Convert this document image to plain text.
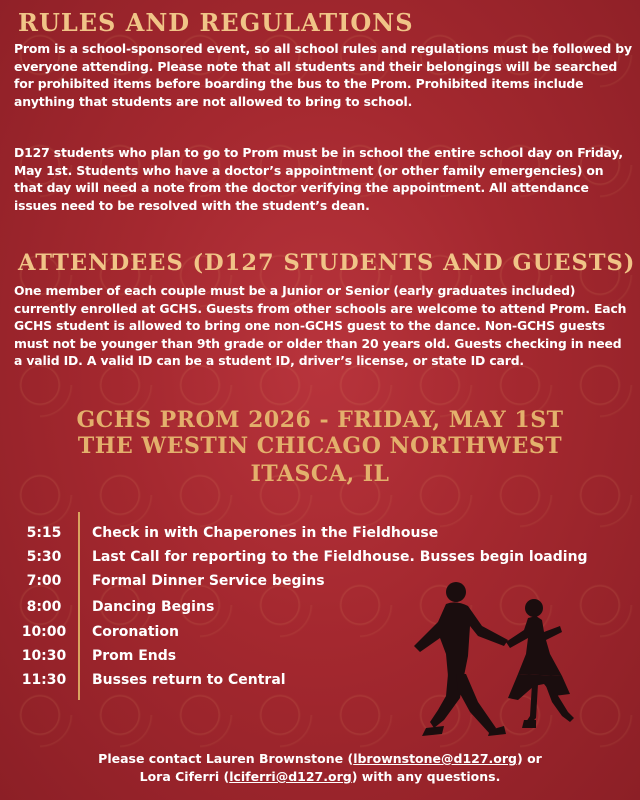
RULES AND REGULATIONS

Prom is a school-sponsored event, so all school rules and regulations must be followed by everyone attending. Please note that all students and their belongings will be searched for prohibited items before boarding the bus to the Prom. Prohibited items include anything that students are not allowed to bring to school.

D127 students who plan to go to Prom must be in school the entire school day on Friday, May 1st. Students who have a doctor’s appointment (or other family emergencies) on that day will need a note from the doctor verifying the appointment. All attendance issues need to be resolved with the student’s dean.

ATTENDEES (D127 STUDENTS AND GUESTS)

One member of each couple must be a Junior or Senior (early graduates included) currently enrolled at GCHS. Guests from other schools are welcome to attend Prom. Each GCHS student is allowed to bring one non-GCHS guest to the dance. Non-GCHS guests must not be younger than 9th grade or older than 20 years old. Guests checking in need a valid ID. A valid ID can be a student ID, driver’s license, or state ID card.

GCHS PROM 2026 - FRIDAY, MAY 1ST
THE WESTIN CHICAGO NORTHWEST
ITASCA, IL
5:15	Check in with Chaperones in the Fieldhouse
5:30	Last Call for reporting to the Fieldhouse. Busses begin loading
7:00	Formal Dinner Service begins
8:00	Dancing Begins
10:00 Coronation
10:30 Prom Ends
11:30 Busses return to Central
Please contact Lauren Brownstone (lbrownstone@d127.org) or
Lora Ciferri (lciferri@d127.org) with any questions.
